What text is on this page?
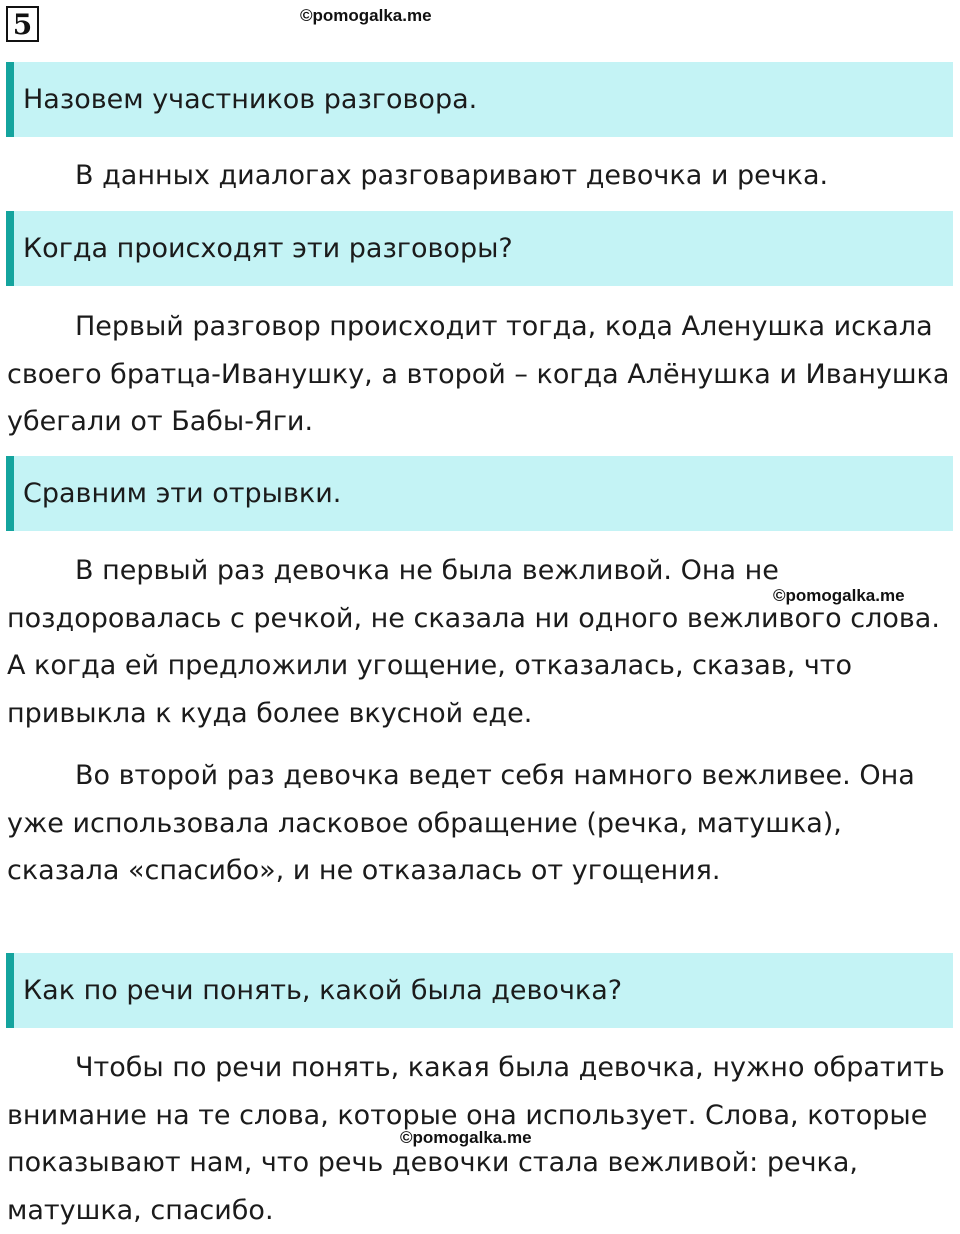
5	©pomogalka.me
Назовем участников разговора.

В данных диалогах разговаривают девочка и речка.

Когда происходят эти разговоры?

Первый разговор происходит тогда, кода Аленушка искала своего братца-Иванушку, а второй – когда Алёнушка и Иванушка убегали от Бабы-Яги.

Сравним эти отрывки.

В первый раз девочка не была вежливой. Она не поздоровалась с речкой, не сказала ни одного вежливого слова. А когда ей предложили угощение, отказалась, сказав, что привыкла к куда более вкусной еде.

©pomogalka.me

Во второй раз девочка ведет себя намного вежливее. Она уже использовала ласковое обращение (речка, матушка), сказала «спасибо», и не отказалась от угощения.

Как по речи понять, какой была девочка?

Чтобы по речи понять, какая была девочка, нужно обратить внимание на те слова, которые она использует. Слова, которые показывают нам, что речь девочки стала вежливой: речка, матушка, спасибо.

©pomogalka.me
